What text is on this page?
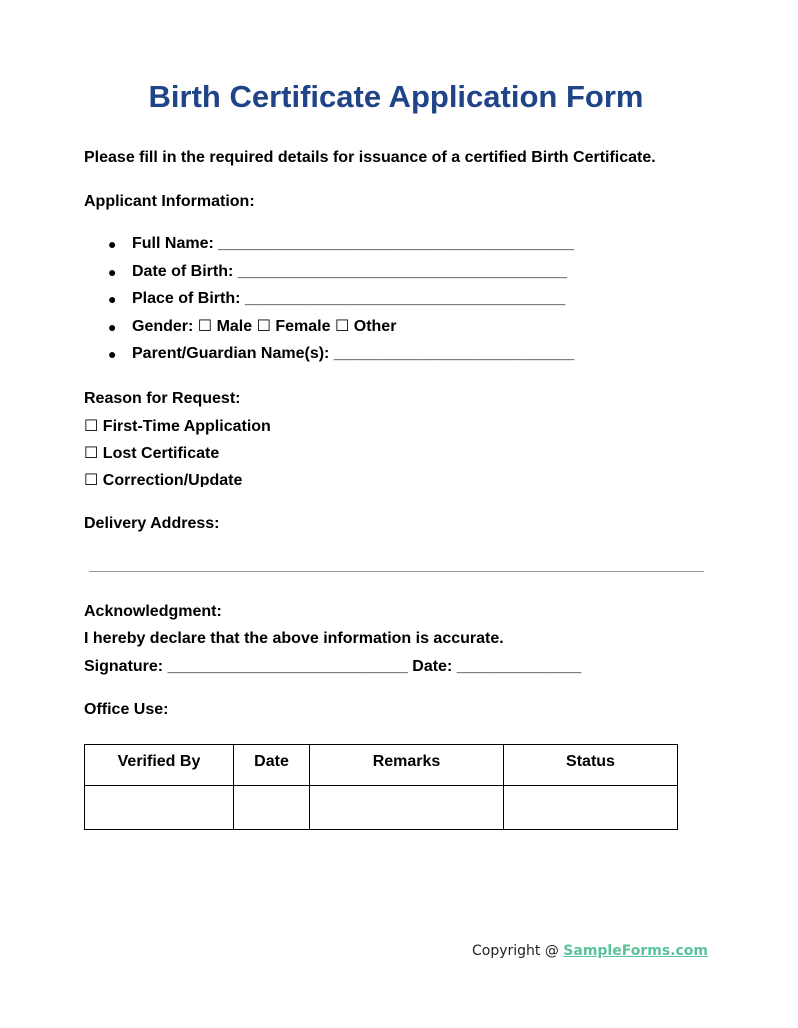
Birth Certificate Application Form

Please fill in the required details for issuance of a certified Birth Certificate.

Applicant Information:

● Full Name: ________________________________________
● Date of Birth: _____________________________________
● Place of Birth: ____________________________________
● Gender: ☐ Male ☐ Female ☐ Other
● Parent/Guardian Name(s): ___________________________

Reason for Request:

☐ First-Time Application

☐ Lost Certificate

☐ Correction/Update

Delivery Address:

Acknowledgment:

I hereby declare that the above information is accurate.

Signature: ___________________________ Date: ______________

Office Use:

Verified By	Date	Remarks	Status

Copyright @ SampleForms.com
